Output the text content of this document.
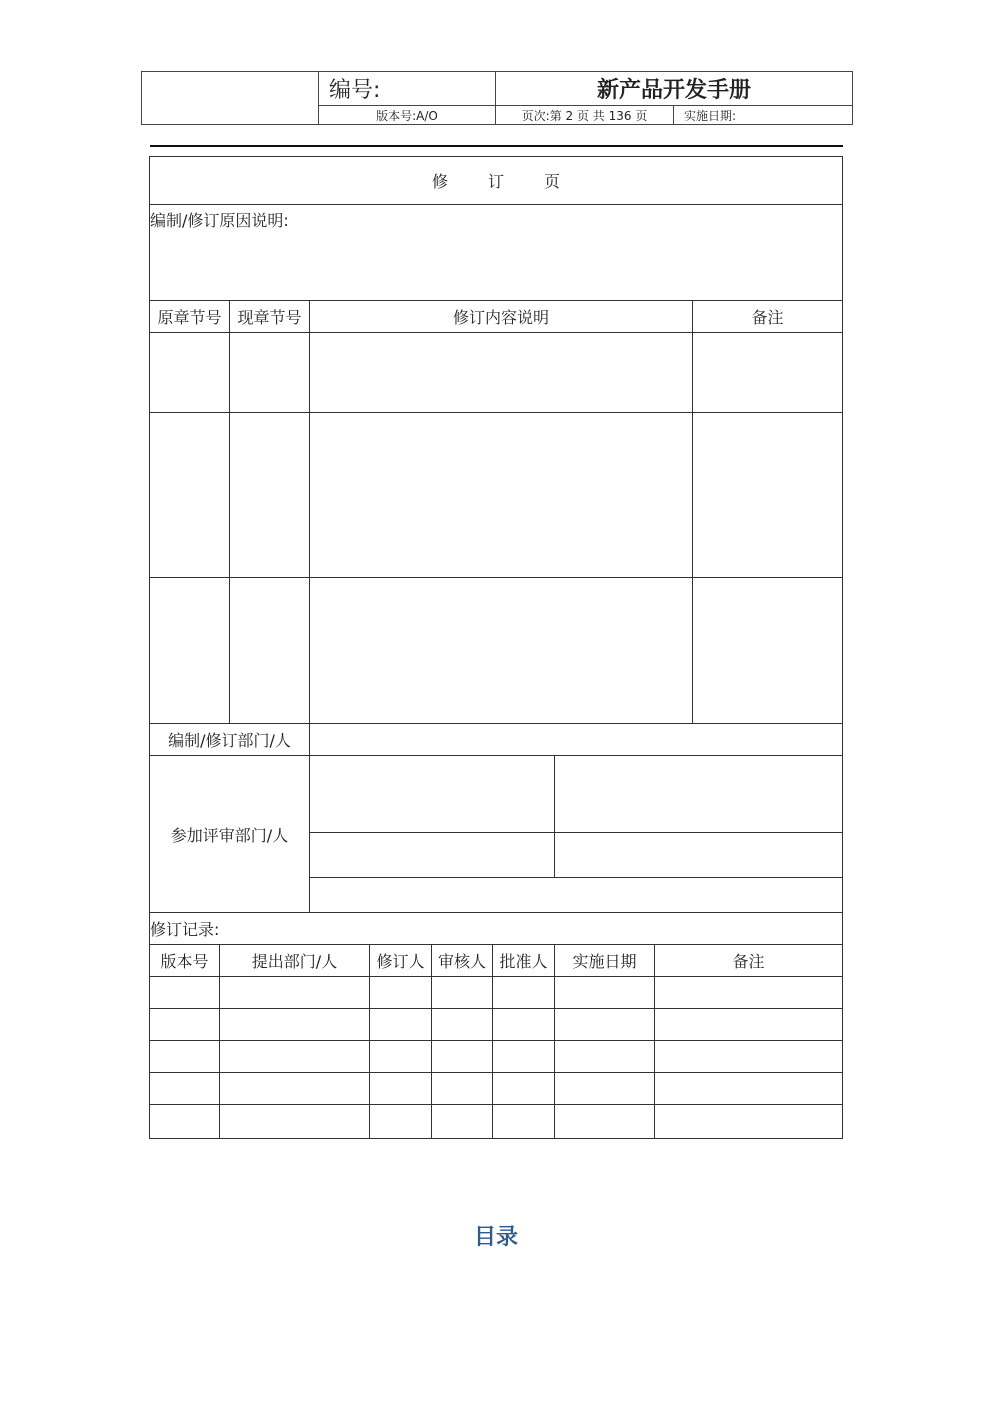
	编号:	新产品开发手册	
	版本号:A/O	页次:第 2 页 共 136 页	实施日期:
修订页									
编制/修订原因说明:									
原章节号		现章节号	修订内容说明						备注

编制/修订部门/人									
参加评审部门/人									

修订记录:									
版本号	提出部门/人			修订人	审核人	批准人	实施日期	备注	

目录
